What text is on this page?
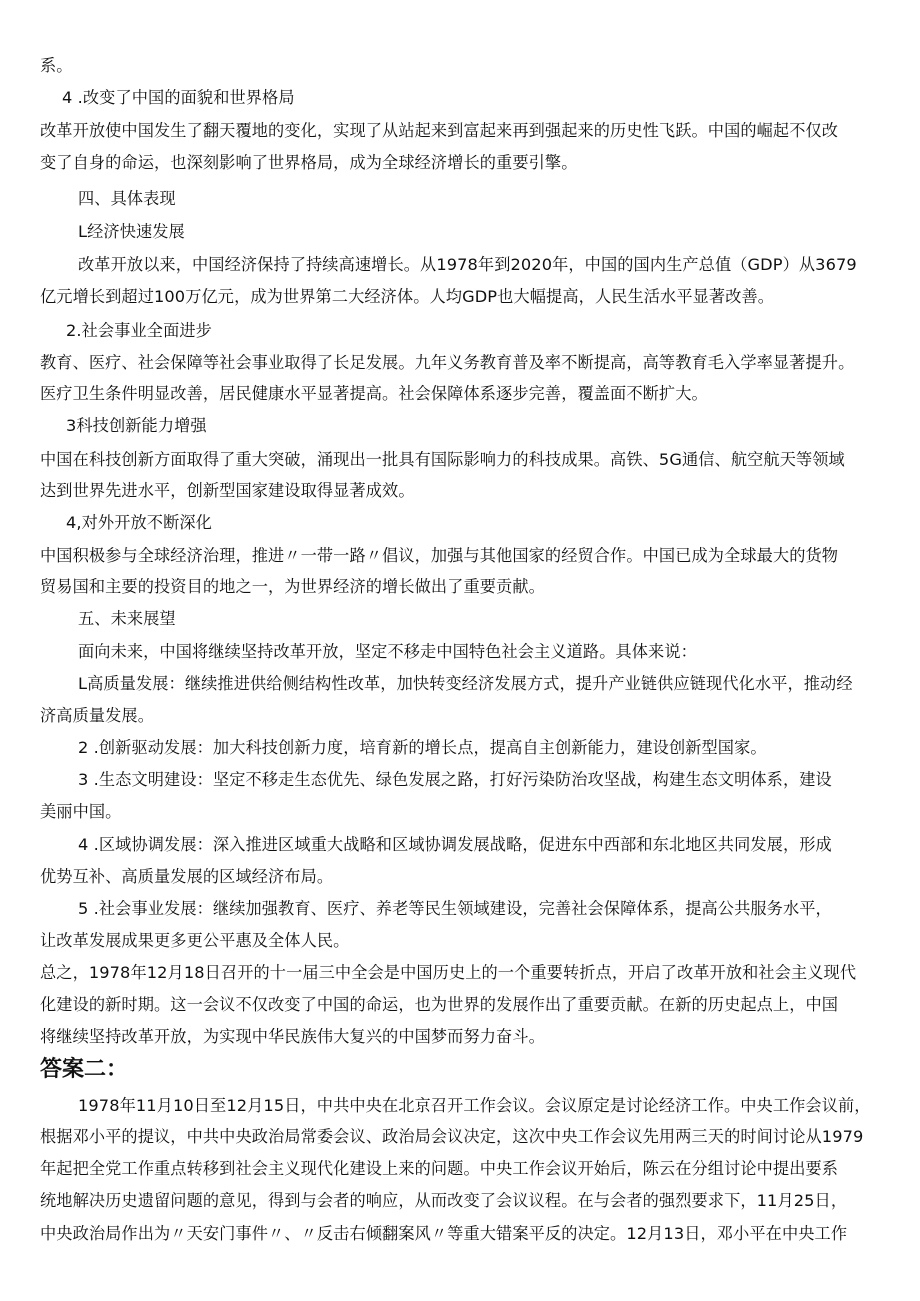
系。
4 .改变了中国的面貌和世界格局
改革开放使中国发生了翻天覆地的变化，实现了从站起来到富起来再到强起来的历史性飞跃。中国的崛起不仅改
变了自身的命运，也深刻影响了世界格局，成为全球经济增长的重要引擎。
四、具体表现
L经济快速发展
改革开放以来，中国经济保持了持续高速增长。从1978年到2020年，中国的国内生产总值（GDP）从3679
亿元增长到超过100万亿元，成为世界第二大经济体。人均GDP也大幅提高，人民生活水平显著改善。
2.社会事业全面进步
教育、医疗、社会保障等社会事业取得了长足发展。九年义务教育普及率不断提高，高等教育毛入学率显著提升。
医疗卫生条件明显改善，居民健康水平显著提高。社会保障体系逐步完善，覆盖面不断扩大。
3科技创新能力增强
中国在科技创新方面取得了重大突破，涌现出一批具有国际影响力的科技成果。高铁、5G通信、航空航天等领域
达到世界先进水平，创新型国家建设取得显著成效。
4,对外开放不断深化
中国积极参与全球经济治理，推进〃一带一路〃倡议，加强与其他国家的经贸合作。中国已成为全球最大的货物
贸易国和主要的投资目的地之一，为世界经济的增长做出了重要贡献。
五、未来展望
面向未来，中国将继续坚持改革开放，坚定不移走中国特色社会主义道路。具体来说：
L高质量发展：继续推进供给侧结构性改革，加快转变经济发展方式，提升产业链供应链现代化水平，推动经
济高质量发展。
2 .创新驱动发展：加大科技创新力度，培育新的增长点，提高自主创新能力，建设创新型国家。
3 .生态文明建设：坚定不移走生态优先、绿色发展之路，打好污染防治攻坚战，构建生态文明体系，建设
美丽中国。
4 .区域协调发展：深入推进区域重大战略和区域协调发展战略，促进东中西部和东北地区共同发展，形成
优势互补、高质量发展的区域经济布局。
5 .社会事业发展：继续加强教育、医疗、养老等民生领域建设，完善社会保障体系，提高公共服务水平，
让改革发展成果更多更公平惠及全体人民。
总之，1978年12月18日召开的十一届三中全会是中国历史上的一个重要转折点，开启了改革开放和社会主义现代
化建设的新时期。这一会议不仅改变了中国的命运，也为世界的发展作出了重要贡献。在新的历史起点上，中国
将继续坚持改革开放，为实现中华民族伟大复兴的中国梦而努力奋斗。
答案二：
1978年11月10日至12月15日，中共中央在北京召开工作会议。会议原定是讨论经济工作。中央工作会议前，
根据邓小平的提议，中共中央政治局常委会议、政治局会议决定，这次中央工作会议先用两三天的时间讨论从1979
年起把全党工作重点转移到社会主义现代化建设上来的问题。中央工作会议开始后，陈云在分组讨论中提出要系
统地解决历史遗留问题的意见，得到与会者的响应，从而改变了会议议程。在与会者的强烈要求下，11月25日，
中央政治局作出为〃天安门事件〃、〃反击右倾翻案风〃等重大错案平反的决定。12月13日，邓小平在中央工作
